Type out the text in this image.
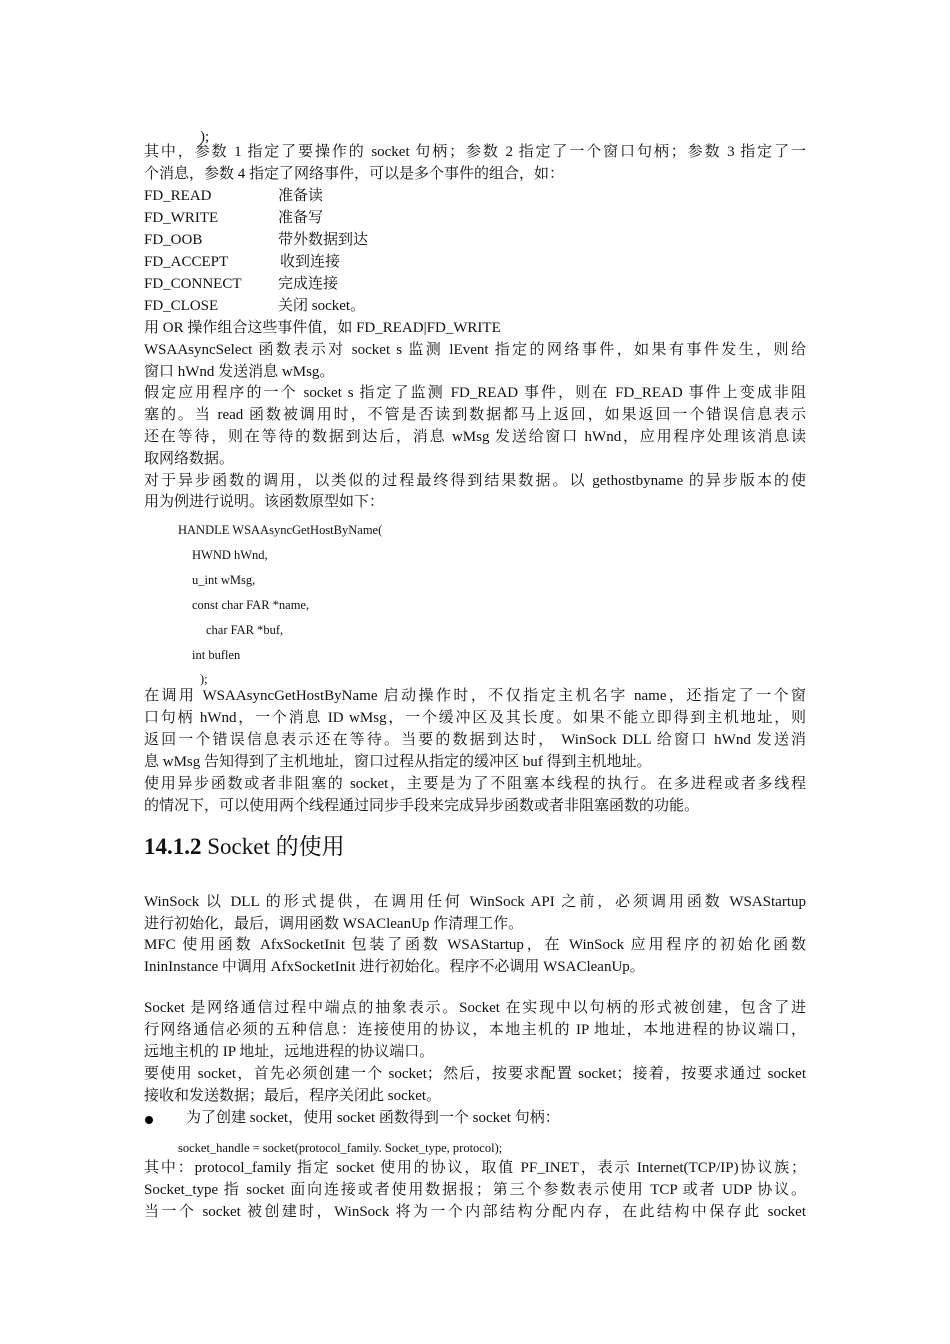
);
其中，参数 1 指定了要操作的 socket 句柄；参数 2 指定了一个窗口句柄；参数 3 指定了一
个消息，参数 4 指定了网络事件，可以是多个事件的组合，如：
FD_READ	准备读
FD_WRITE	准备写
FD_OOB	带外数据到达
FD_ACCEPT	收到连接
FD_CONNECT 完成连接
FD_CLOSE	关闭 socket。
用 OR 操作组合这些事件值，如 FD_READ|FD_WRITE
WSAAsyncSelect 函数表示对 socket s 监测 lEvent 指定的网络事件，如果有事件发生，则给
窗口 hWnd 发送消息 wMsg。
假定应用程序的一个 socket s 指定了监测 FD_READ 事件，则在 FD_READ 事件上变成非阻
塞的。当 read 函数被调用时，不管是否读到数据都马上返回，如果返回一个错误信息表示
还在等待，则在等待的数据到达后，消息 wMsg 发送给窗口 hWnd，应用程序处理该消息读
取网络数据。
对于异步函数的调用，以类似的过程最终得到结果数据。以 gethostbyname 的异步版本的使
用为例进行说明。该函数原型如下：
HANDLE WSAAsyncGetHostByName(
HWND hWnd,
u_int wMsg,
const char FAR *name,
char FAR *buf,
int buflen
);
在调用 WSAAsyncGetHostByName 启动操作时，不仅指定主机名字 name，还指定了一个窗
口句柄 hWnd，一个消息 ID wMsg，一个缓冲区及其长度。如果不能立即得到主机地址，则
返回一个错误信息表示还在等待。当要的数据到达时， WinSock DLL 给窗口 hWnd 发送消
息 wMsg 告知得到了主机地址，窗口过程从指定的缓冲区 buf 得到主机地址。
使用异步函数或者非阻塞的 socket，主要是为了不阻塞本线程的执行。在多进程或者多线程
的情况下，可以使用两个线程通过同步手段来完成异步函数或者非阻塞函数的功能。
14.1.2 Socket 的使用
WinSock 以 DLL 的形式提供，在调用任何 WinSock API 之前，必须调用函数 WSAStartup
进行初始化，最后，调用函数 WSACleanUp 作清理工作。
MFC 使用函数 AfxSocketInit 包装了函数 WSAStartup，在 WinSock 应用程序的初始化函数
IninInstance 中调用 AfxSocketInit 进行初始化。程序不必调用 WSACleanUp。
Socket 是网络通信过程中端点的抽象表示。Socket 在实现中以句柄的形式被创建，包含了进
行网络通信必须的五种信息：连接使用的协议，本地主机的 IP 地址，本地进程的协议端口，
远地主机的 IP 地址，远地进程的协议端口。
要使用 socket，首先必须创建一个 socket；然后，按要求配置 socket；接着，按要求通过 socket
接收和发送数据；最后，程序关闭此 socket。
为了创建 socket，使用 socket 函数得到一个 socket 句柄：
socket_handle = socket(protocol_family. Socket_type, protocol);
其中：protocol_family 指定 socket 使用的协议，取值 PF_INET，表示 Internet(TCP/IP)协议族；
Socket_type 指 socket 面向连接或者使用数据报；第三个参数表示使用 TCP 或者 UDP 协议。
当一个 socket 被创建时，WinSock 将为一个内部结构分配内存，在此结构中保存此 socket
